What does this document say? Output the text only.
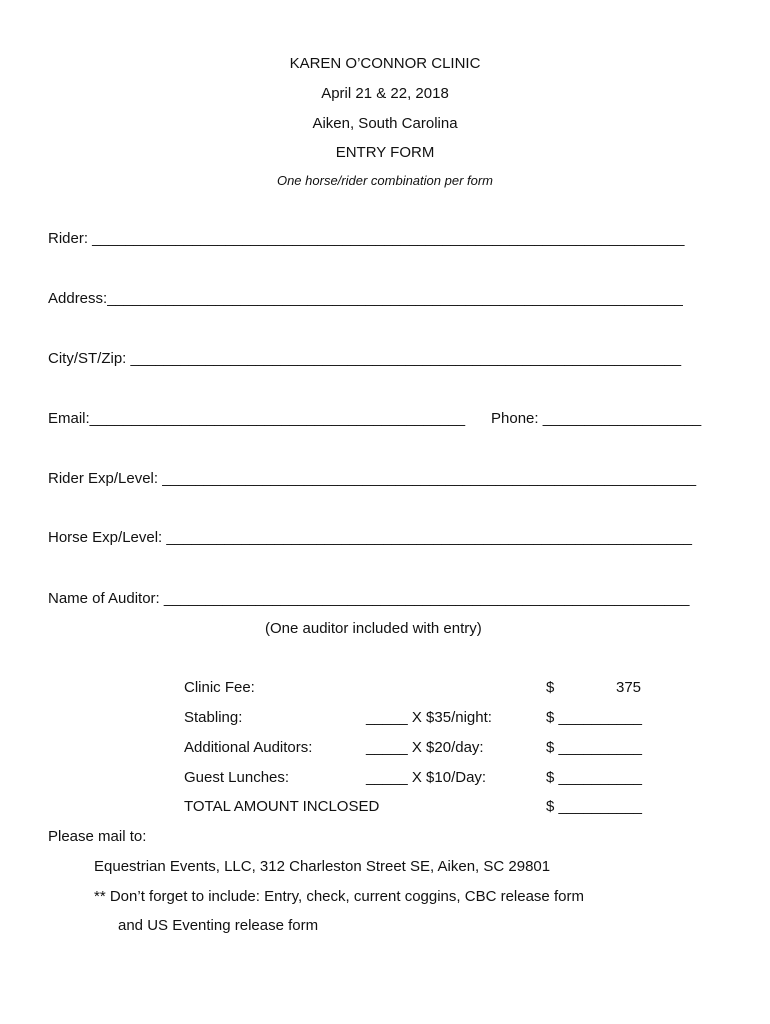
KAREN O’CONNOR CLINIC
April 21 & 22, 2018
Aiken, South Carolina
ENTRY FORM
One horse/rider combination per form
Rider: _______________________________________________________________________
Address:_____________________________________________________________________
City/ST/Zip: __________________________________________________________________
Email:_____________________________________________ Phone: ___________________
Rider Exp/Level: ________________________________________________________________
Horse Exp/Level: _______________________________________________________________
Name of Auditor: _______________________________________________________________
(One auditor included with entry)
Clinic Fee:	$	375
Stabling:	_____ X $35/night:	$ __________
Additional Auditors:	_____ X $20/day:	$ __________
Guest Lunches:	_____ X $10/Day:	$ __________
TOTAL AMOUNT INCLOSED	$ __________
Please mail to:
Equestrian Events, LLC, 312 Charleston Street SE, Aiken, SC 29801
** Don’t forget to include: Entry, check, current coggins, CBC release form
and US Eventing release form
